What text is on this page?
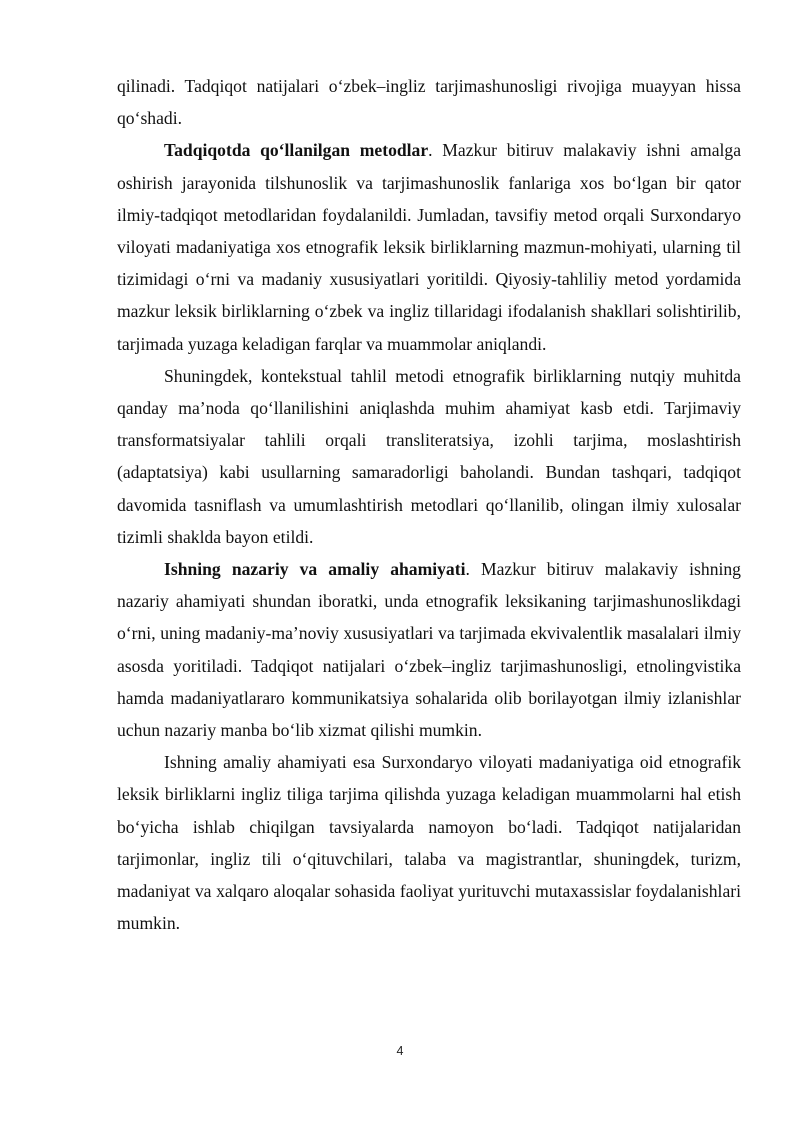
qilinadi. Tadqiqot natijalari o‘zbek–ingliz tarjimashunosligi rivojiga muayyan hissa qo‘shadi.

Tadqiqotda qo‘llanilgan metodlar. Mazkur bitiruv malakaviy ishni amalga oshirish jarayonida tilshunoslik va tarjimashunoslik fanlariga xos bo‘lgan bir qator ilmiy-tadqiqot metodlaridan foydalanildi. Jumladan, tavsifiy metod orqali Surxondaryo viloyati madaniyatiga xos etnografik leksik birliklarning mazmun-mohiyati, ularning til tizimidagi o‘rni va madaniy xususiyatlari yoritildi. Qiyosiy-tahliliy metod yordamida mazkur leksik birliklarning o‘zbek va ingliz tillaridagi ifodalanish shakllari solishtirilib, tarjimada yuzaga keladigan farqlar va muammolar aniqlandi.

Shuningdek, kontekstual tahlil metodi etnografik birliklarning nutqiy muhitda qanday ma’noda qo‘llanilishini aniqlashda muhim ahamiyat kasb etdi. Tarjimaviy transformatsiyalar tahlili orqali transliteratsiya, izohli tarjima, moslashtirish (adaptatsiya) kabi usullarning samaradorligi baholandi. Bundan tashqari, tadqiqot davomida tasniflash va umumlashtirish metodlari qo‘llanilib, olingan ilmiy xulosalar tizimli shaklda bayon etildi.

Ishning nazariy va amaliy ahamiyati. Mazkur bitiruv malakaviy ishning nazariy ahamiyati shundan iboratki, unda etnografik leksikaning tarjimashunoslikdagi o‘rni, uning madaniy-ma’noviy xususiyatlari va tarjimada ekvivalentlik masalalari ilmiy asosda yoritiladi. Tadqiqot natijalari o‘zbek–ingliz tarjimashunosligi, etnolingvistika hamda madaniyatlararo kommunikatsiya sohalarida olib borilayotgan ilmiy izlanishlar uchun nazariy manba bo‘lib xizmat qilishi mumkin.

Ishning amaliy ahamiyati esa Surxondaryo viloyati madaniyatiga oid etnografik leksik birliklarni ingliz tiliga tarjima qilishda yuzaga keladigan muammolarni hal etish bo‘yicha ishlab chiqilgan tavsiyalarda namoyon bo‘ladi. Tadqiqot natijalaridan tarjimonlar, ingliz tili o‘qituvchilari, talaba va magistrantlar, shuningdek, turizm, madaniyat va xalqaro aloqalar sohasida faoliyat yurituvchi mutaxassislar foydalanishlari mumkin.

4
